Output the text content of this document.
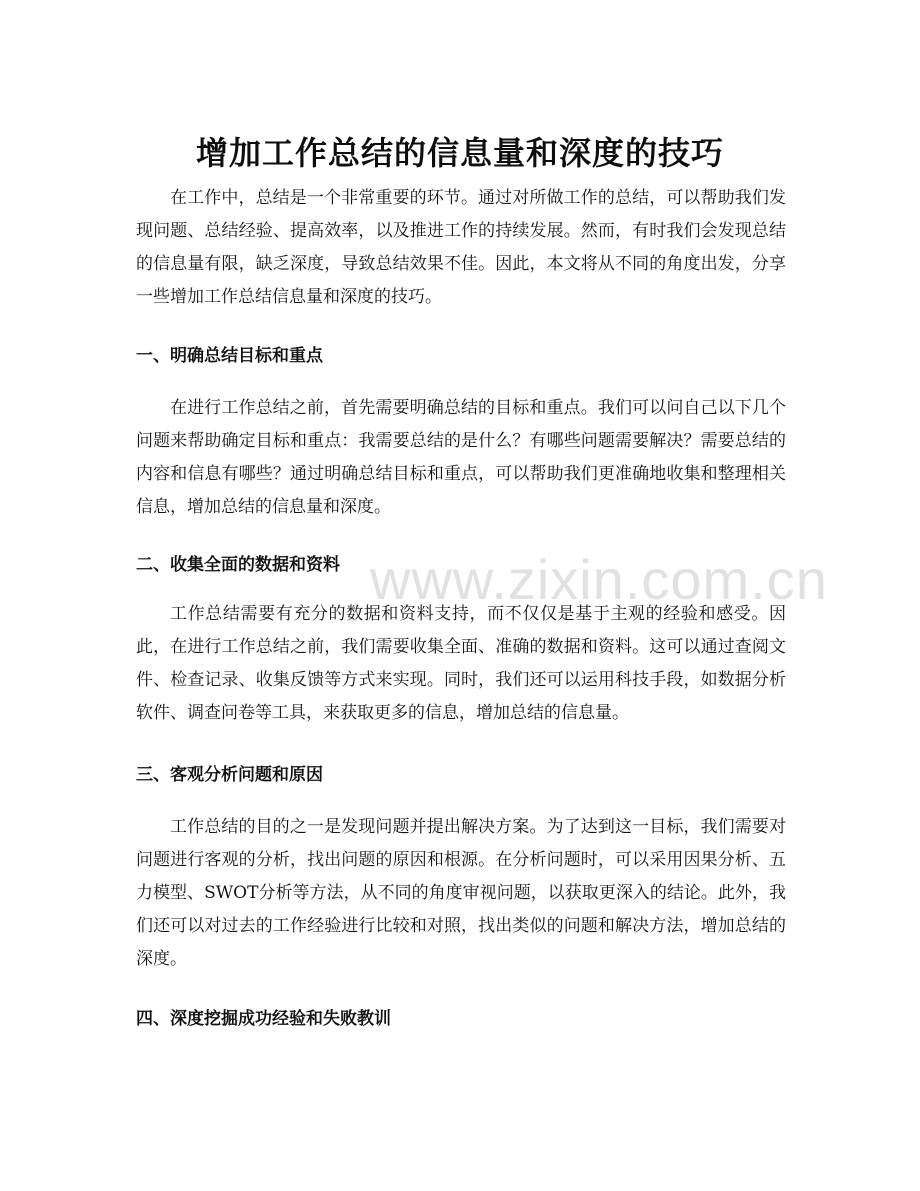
增加工作总结的信息量和深度的技巧

在工作中，总结是一个非常重要的环节。通过对所做工作的总结，可以帮助我们发现问题、总结经验、提高效率，以及推进工作的持续发展。然而，有时我们会发现总结的信息量有限，缺乏深度，导致总结效果不佳。因此，本文将从不同的角度出发，分享一些增加工作总结信息量和深度的技巧。

一、明确总结目标和重点

在进行工作总结之前，首先需要明确总结的目标和重点。我们可以问自己以下几个问题来帮助确定目标和重点：我需要总结的是什么？有哪些问题需要解决？需要总结的内容和信息有哪些？通过明确总结目标和重点，可以帮助我们更准确地收集和整理相关信息，增加总结的信息量和深度。

二、收集全面的数据和资料

工作总结需要有充分的数据和资料支持，而不仅仅是基于主观的经验和感受。因此，在进行工作总结之前，我们需要收集全面、准确的数据和资料。这可以通过查阅文件、检查记录、收集反馈等方式来实现。同时，我们还可以运用科技手段，如数据分析软件、调查问卷等工具，来获取更多的信息，增加总结的信息量。

三、客观分析问题和原因

工作总结的目的之一是发现问题并提出解决方案。为了达到这一目标，我们需要对问题进行客观的分析，找出问题的原因和根源。在分析问题时，可以采用因果分析、五力模型、SWOT分析等方法，从不同的角度审视问题，以获取更深入的结论。此外，我们还可以对过去的工作经验进行比较和对照，找出类似的问题和解决方法，增加总结的深度。

四、深度挖掘成功经验和失败教训
www.zixin.com.cn
